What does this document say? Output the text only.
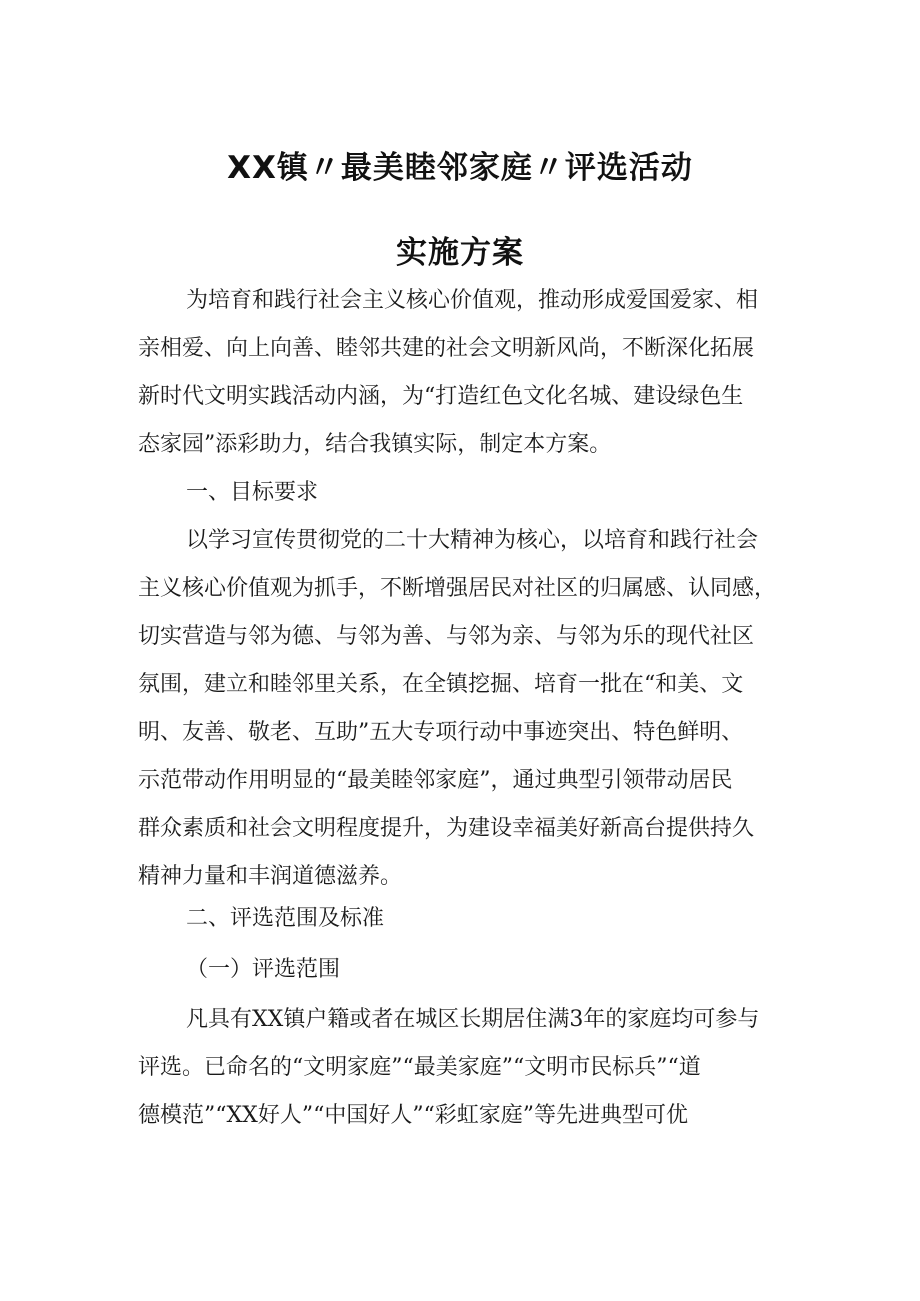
XX镇〃最美睦邻家庭〃评选活动
实施方案
为培育和践行社会主义核心价值观，推动形成爱国爱家、相
亲相爱、向上向善、睦邻共建的社会文明新风尚，不断深化拓展
新时代文明实践活动内涵，为“打造红色文化名城、建设绿色生
态家园”添彩助力，结合我镇实际，制定本方案。
一、目标要求
以学习宣传贯彻党的二十大精神为核心，以培育和践行社会
主义核心价值观为抓手，不断增强居民对社区的归属感、认同感，
切实营造与邻为德、与邻为善、与邻为亲、与邻为乐的现代社区
氛围，建立和睦邻里关系，在全镇挖掘、培育一批在“和美、文
明、友善、敬老、互助”五大专项行动中事迹突出、特色鲜明、
示范带动作用明显的“最美睦邻家庭”，通过典型引领带动居民
群众素质和社会文明程度提升，为建设幸福美好新高台提供持久
精神力量和丰润道德滋养。
二、评选范围及标准
（一）评选范围
凡具有XX镇户籍或者在城区长期居住满3年的家庭均可参与
评选。已命名的“文明家庭”“最美家庭”“文明市民标兵”“道
德模范”“XX好人”“中国好人”“彩虹家庭”等先进典型可优
